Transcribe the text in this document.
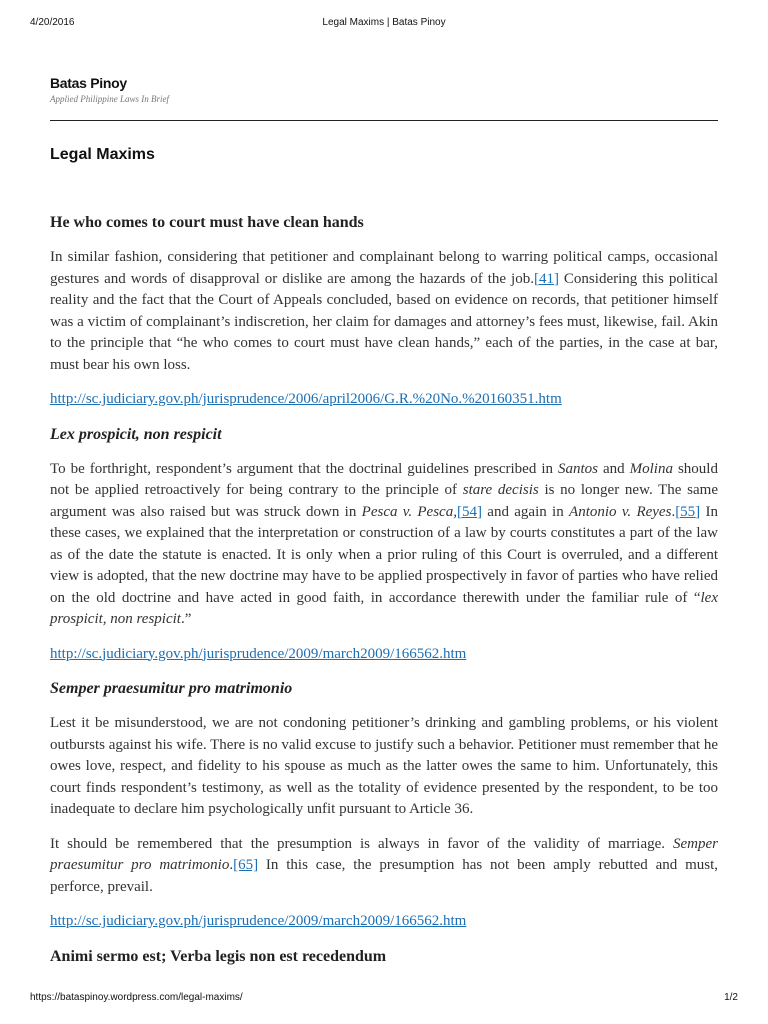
4/20/2016	Legal Maxims | Batas Pinoy
Batas Pinoy
Applied Philippine Laws In Brief
Legal Maxims
He who comes to court must have clean hands

In similar fashion, considering that petitioner and complainant belong to warring political camps, occasional gestures and words of disapproval or dislike are among the hazards of the job.[41] Considering this political reality and the fact that the Court of Appeals concluded, based on evidence on records, that petitioner himself was a victim of complainant’s indiscretion, her claim for damages and attorney’s fees must, likewise, fail. Akin to the principle that “he who comes to court must have clean hands,” each of the parties, in the case at bar, must bear his own loss.

http://sc.judiciary.gov.ph/jurisprudence/2006/april2006/G.R.%20No.%20160351.htm

Lex prospicit, non respicit

To be forthright, respondent’s argument that the doctrinal guidelines prescribed in Santos and Molina should not be applied retroactively for being contrary to the principle of stare decisis is no longer new. The same argument was also raised but was struck down in Pesca v. Pesca,[54] and again in Antonio v. Reyes.[55] In these cases, we explained that the interpretation or construction of a law by courts constitutes a part of the law as of the date the statute is enacted. It is only when a prior ruling of this Court is overruled, and a different view is adopted, that the new doctrine may have to be applied prospectively in favor of parties who have relied on the old doctrine and have acted in good faith, in accordance therewith under the familiar rule of “lex prospicit, non respicit.”

http://sc.judiciary.gov.ph/jurisprudence/2009/march2009/166562.htm

Semper praesumitur pro matrimonio

Lest it be misunderstood, we are not condoning petitioner’s drinking and gambling problems, or his violent outbursts against his wife. There is no valid excuse to justify such a behavior. Petitioner must remember that he owes love, respect, and fidelity to his spouse as much as the latter owes the same to him. Unfortunately, this court finds respondent’s testimony, as well as the totality of evidence presented by the respondent, to be too inadequate to declare him psychologically unfit pursuant to Article 36.

It should be remembered that the presumption is always in favor of the validity of marriage. Semper praesumitur pro matrimonio.[65] In this case, the presumption has not been amply rebutted and must, perforce, prevail.

http://sc.judiciary.gov.ph/jurisprudence/2009/march2009/166562.htm

Animi sermo est; Verba legis non est recedendum
https://bataspinoy.wordpress.com/legal-maxims/	1/2
